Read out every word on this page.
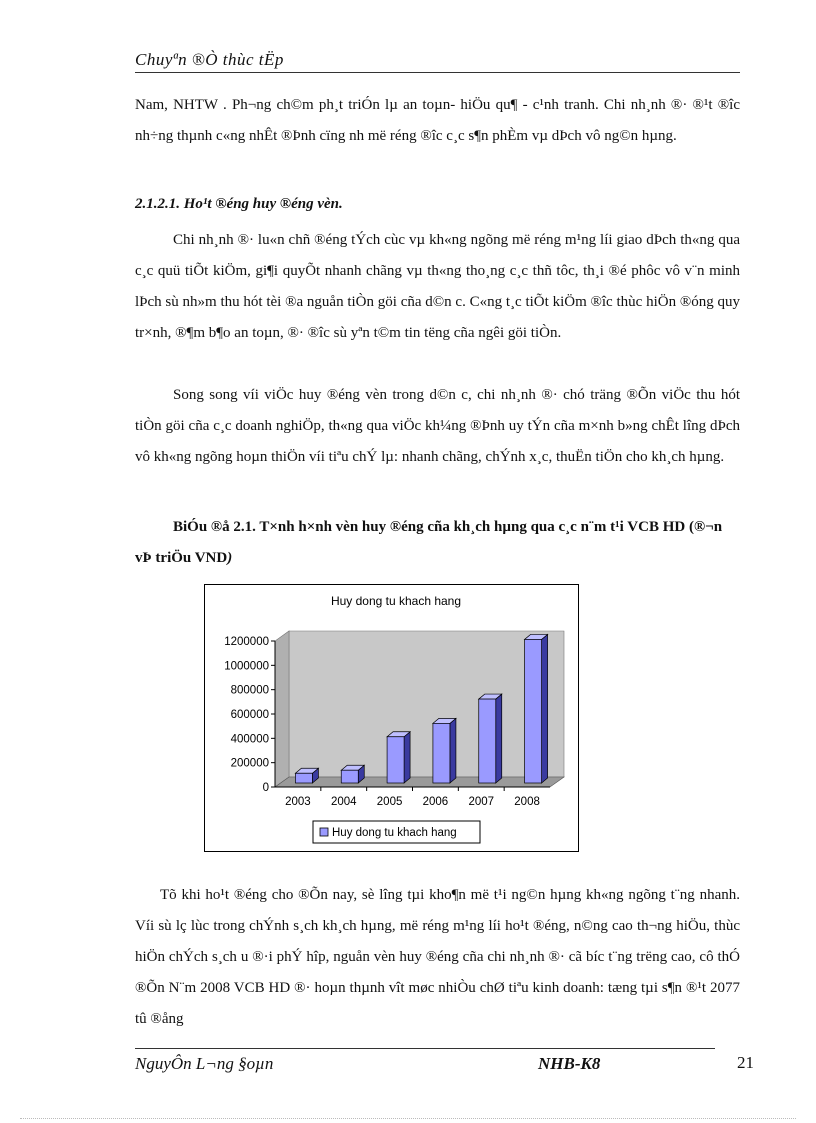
Chuyªn ®Ò thùc tËp
Nam, NHTW . Ph¬ng ch©m ph¸t triÓn lµ an toµn- hiÖu qu¶ - c¹nh tranh. Chi nh¸nh ®· ®¹t ®îc nh÷ng thµnh c«ng nhÊt ®Þnh cïng nh më réng ®îc c¸c s¶n phÈm vµ dÞch vô ng©n hµng.
2.1.2.1. Ho¹t ®éng huy ®éng vèn.
Chi nh¸nh ®· lu«n chñ ®éng tÝch cùc vµ kh«ng ngõng më réng m¹ng líi giao dÞch th«ng qua c¸c quü tiÕt kiÖm, gi¶i quyÕt nhanh chãng vµ th«ng tho¸ng c¸c thñ tôc, th¸i ®é phôc vô v¨n minh lÞch sù nh»m thu hót tèi ®a nguån tiÒn göi cña d©n c. C«ng t¸c tiÕt kiÖm ®îc thùc hiÖn ®óng quy tr×nh, ®¶m b¶o an toµn, ®· ®îc sù yªn t©m tin tëng cña ngêi göi tiÒn.
Song song víi viÖc huy ®éng vèn trong d©n c, chi nh¸nh ®· chó träng ®Õn viÖc thu hót tiÒn göi cña c¸c doanh nghiÖp, th«ng qua viÖc kh¼ng ®Þnh uy tÝn cña m×nh b»ng chÊt lîng dÞch vô kh«ng ngõng hoµn thiÖn víi tiªu chÝ lµ: nhanh chãng, chÝnh x¸c, thuËn tiÖn cho kh¸ch hµng.
BiÓu ®å 2.1. T×nh h×nh vèn huy ®éng cña kh¸ch hµng qua c¸c n¨m t¹i VCB HD (®¬n vÞ triÖu VND)
0
200000
400000
600000
800000
1000000
1200000
2003 2004 2005 2006 2007 2008
Huy dong tu khach hang
Huy dong tu khach hang
Tõ khi ho¹t ®éng cho ®Õn nay, sè lîng tµi kho¶n më t¹i ng©n hµng kh«ng ngõng t¨ng nhanh. Víi sù lç lùc trong chÝnh s¸ch kh¸ch hµng, më réng m¹ng líi ho¹t ®éng, n©ng cao th¬ng hiÖu, thùc hiÖn chÝch s¸ch u ®·i phÝ hîp, nguån vèn huy ®éng cña chi nh¸nh ®· cã bíc t¨ng trëng cao, cô thÓ ®Õn N¨m 2008 VCB HD ®· hoµn thµnh vît møc nhiÒu chØ tiªu kinh doanh: tæng tµi s¶n ®¹t 2077 tû ®ång
NguyÔn L¬ng §oµn	NHB-K8	21
